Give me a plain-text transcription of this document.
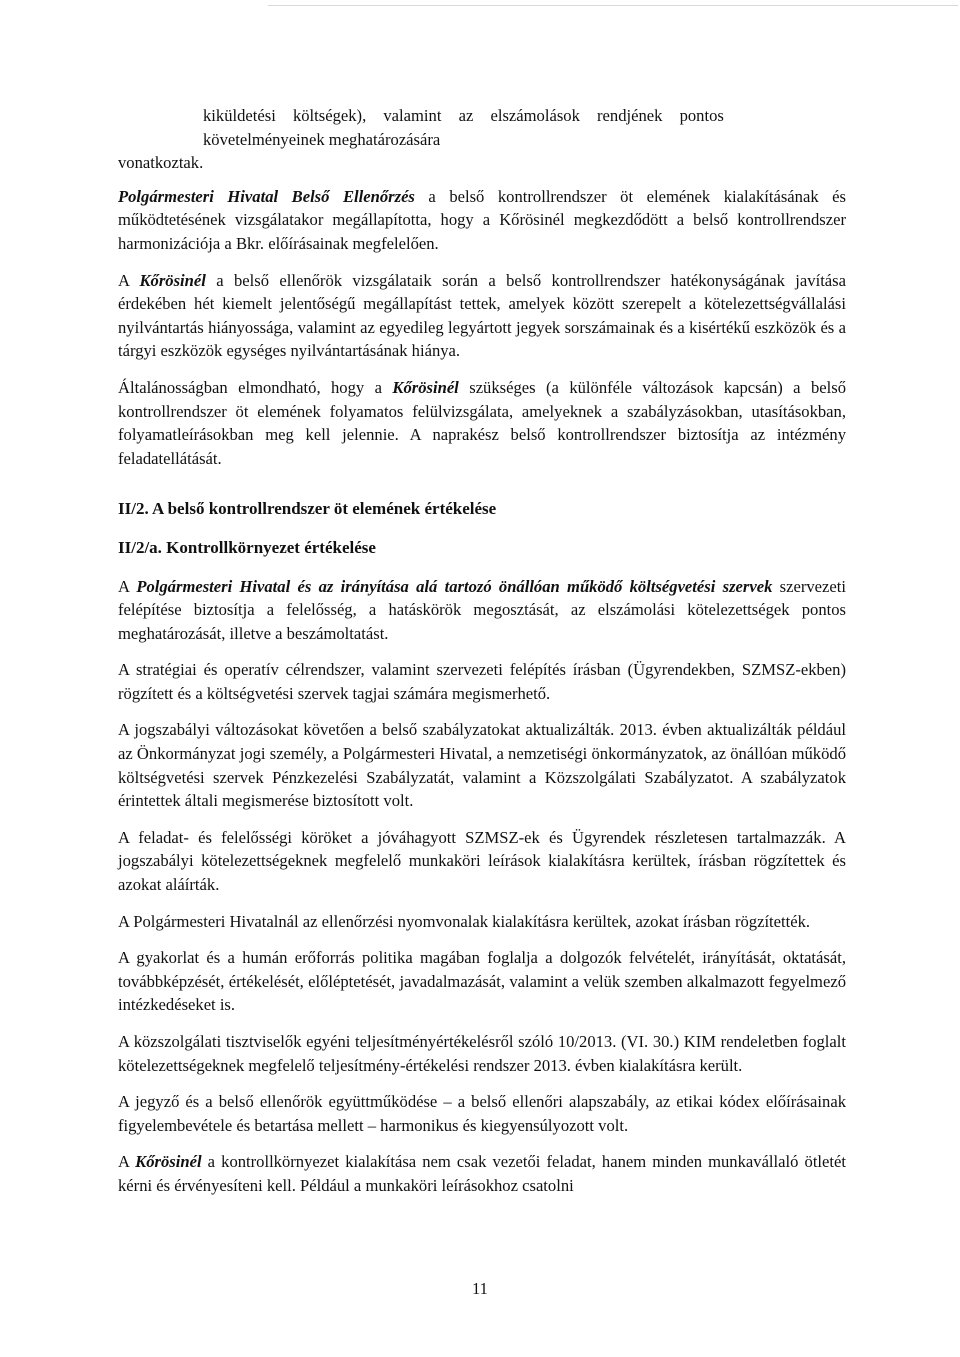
kiküldetési költségek), valamint az elszámolások rendjének pontos

követelményeinek meghatározására

vonatkoztak.

Polgármesteri Hivatal Belső Ellenőrzés a belső kontrollrendszer öt elemének kialakításának és működtetésének vizsgálatakor megállapította, hogy a Kőrösinél megkezdődött a belső kontrollrendszer harmonizációja a Bkr. előírásainak megfelelően.

A Kőrösinél a belső ellenőrök vizsgálataik során a belső kontrollrendszer hatékonyságának javítása érdekében hét kiemelt jelentőségű megállapítást tettek, amelyek között szerepelt a kötelezettségvállalási nyilvántartás hiányossága, valamint az egyedileg legyártott jegyek sorszámainak és a kisértékű eszközök és a tárgyi eszközök egységes nyilvántartásának hiánya.

Általánosságban elmondható, hogy a Kőrösinél szükséges (a különféle változások kapcsán) a belső kontrollrendszer öt elemének folyamatos felülvizsgálata, amelyeknek a szabályzásokban, utasításokban, folyamatleírásokban meg kell jelennie. A naprakész belső kontrollrendszer biztosítja az intézmény feladatellátását.

II/2. A belső kontrollrendszer öt elemének értékelése

II/2/a. Kontrollkörnyezet értékelése

A Polgármesteri Hivatal és az irányítása alá tartozó önállóan működő költségvetési szervek szervezeti felépítése biztosítja a felelősség, a hatáskörök megosztását, az elszámolási kötelezettségek pontos meghatározását, illetve a beszámoltatást.

A stratégiai és operatív célrendszer, valamint szervezeti felépítés írásban (Ügyrendekben, SZMSZ-ekben) rögzített és a költségvetési szervek tagjai számára megismerhető.

A jogszabályi változásokat követően a belső szabályzatokat aktualizálták. 2013. évben aktualizálták például az Önkormányzat jogi személy, a Polgármesteri Hivatal, a nemzetiségi önkormányzatok, az önállóan működő költségvetési szervek Pénzkezelési Szabályzatát, valamint a Közszolgálati Szabályzatot. A szabályzatok érintettek általi megismerése biztosított volt.

A feladat- és felelősségi köröket a jóváhagyott SZMSZ-ek és Ügyrendek részletesen tartalmazzák. A jogszabályi kötelezettségeknek megfelelő munkaköri leírások kialakításra kerültek, írásban rögzítettek és azokat aláírták.

A Polgármesteri Hivatalnál az ellenőrzési nyomvonalak kialakításra kerültek, azokat írásban rögzítették.

A gyakorlat és a humán erőforrás politika magában foglalja a dolgozók felvételét, irányítását, oktatását, továbbképzését, értékelését, előléptetését, javadalmazását, valamint a velük szemben alkalmazott fegyelmező intézkedéseket is.

A közszolgálati tisztviselők egyéni teljesítményértékelésről szóló 10/2013. (VI. 30.) KIM rendeletben foglalt kötelezettségeknek megfelelő teljesítmény-értékelési rendszer 2013. évben kialakításra került.

A jegyző és a belső ellenőrök együttműködése – a belső ellenőri alapszabály, az etikai kódex előírásainak figyelembevétele és betartása mellett – harmonikus és kiegyensúlyozott volt.

A Kőrösinél a kontrollkörnyezet kialakítása nem csak vezetői feladat, hanem minden munkavállaló ötletét kérni és érvényesíteni kell. Például a munkaköri leírásokhoz csatolni

11
